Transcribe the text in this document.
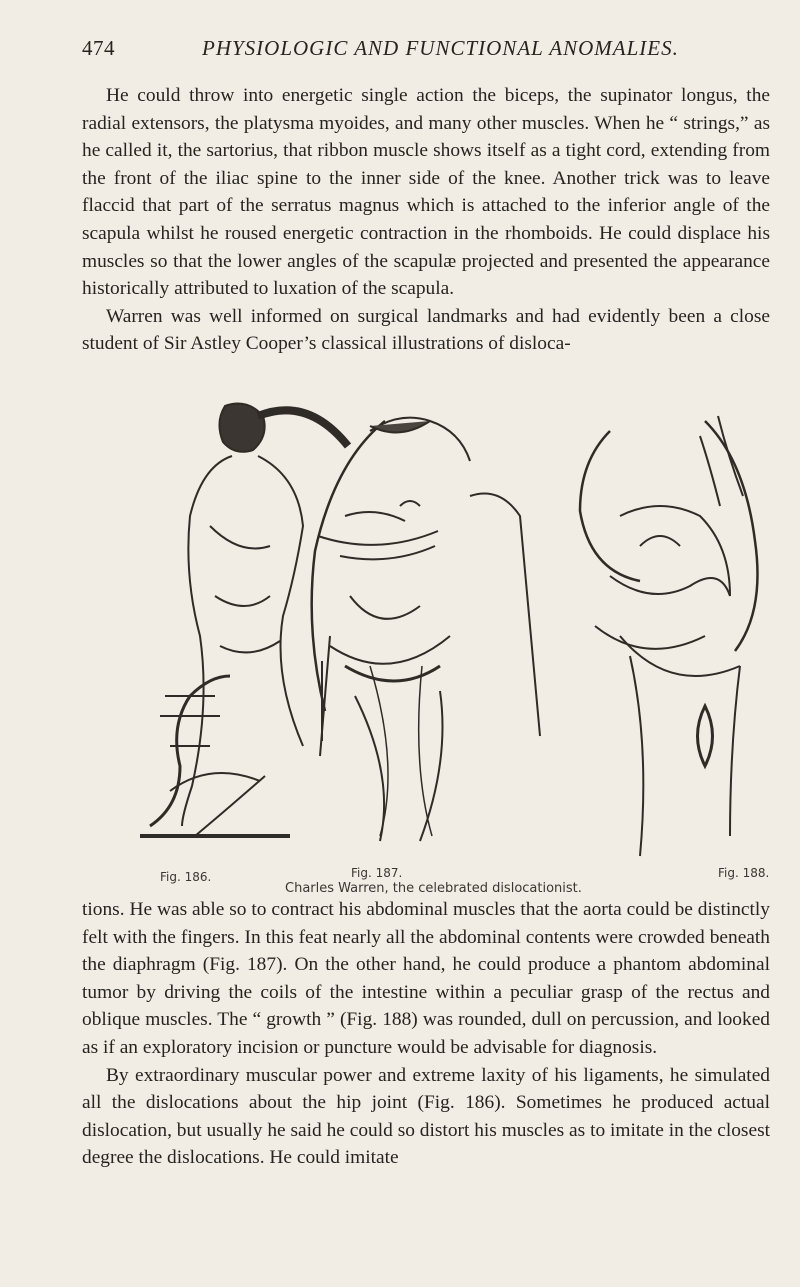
474	PHYSIOLOGIC AND FUNCTIONAL ANOMALIES.

He could throw into energetic single action the biceps, the supinator longus, the radial extensors, the platysma myoides, and many other muscles. When he “ strings,” as he called it, the sartorius, that ribbon muscle shows itself as a tight cord, extending from the front of the iliac spine to the inner side of the knee. Another trick was to leave flaccid that part of the serratus magnus which is attached to the inferior angle of the scapula whilst he roused energetic contraction in the rhomboids. He could displace his muscles so that the lower angles of the scapulæ projected and presented the appearance historically attributed to luxation of the scapula.

Warren was well informed on surgical landmarks and had evidently been a close student of Sir Astley Cooper’s classical illustrations of disloca-

Fig. 186.	Fig. 187.	Fig. 188.
Charles Warren, the celebrated dislocationist.

tions. He was able so to contract his abdominal muscles that the aorta could be distinctly felt with the fingers. In this feat nearly all the abdominal contents were crowded beneath the diaphragm (Fig. 187). On the other hand, he could produce a phantom abdominal tumor by driving the coils of the intestine within a peculiar grasp of the rectus and oblique muscles. The “ growth ” (Fig. 188) was rounded, dull on percussion, and looked as if an exploratory incision or puncture would be advisable for diagnosis.

By extraordinary muscular power and extreme laxity of his ligaments, he simulated all the dislocations about the hip joint (Fig. 186). Sometimes he produced actual dislocation, but usually he said he could so distort his muscles as to imitate in the closest degree the dislocations. He could imitate
